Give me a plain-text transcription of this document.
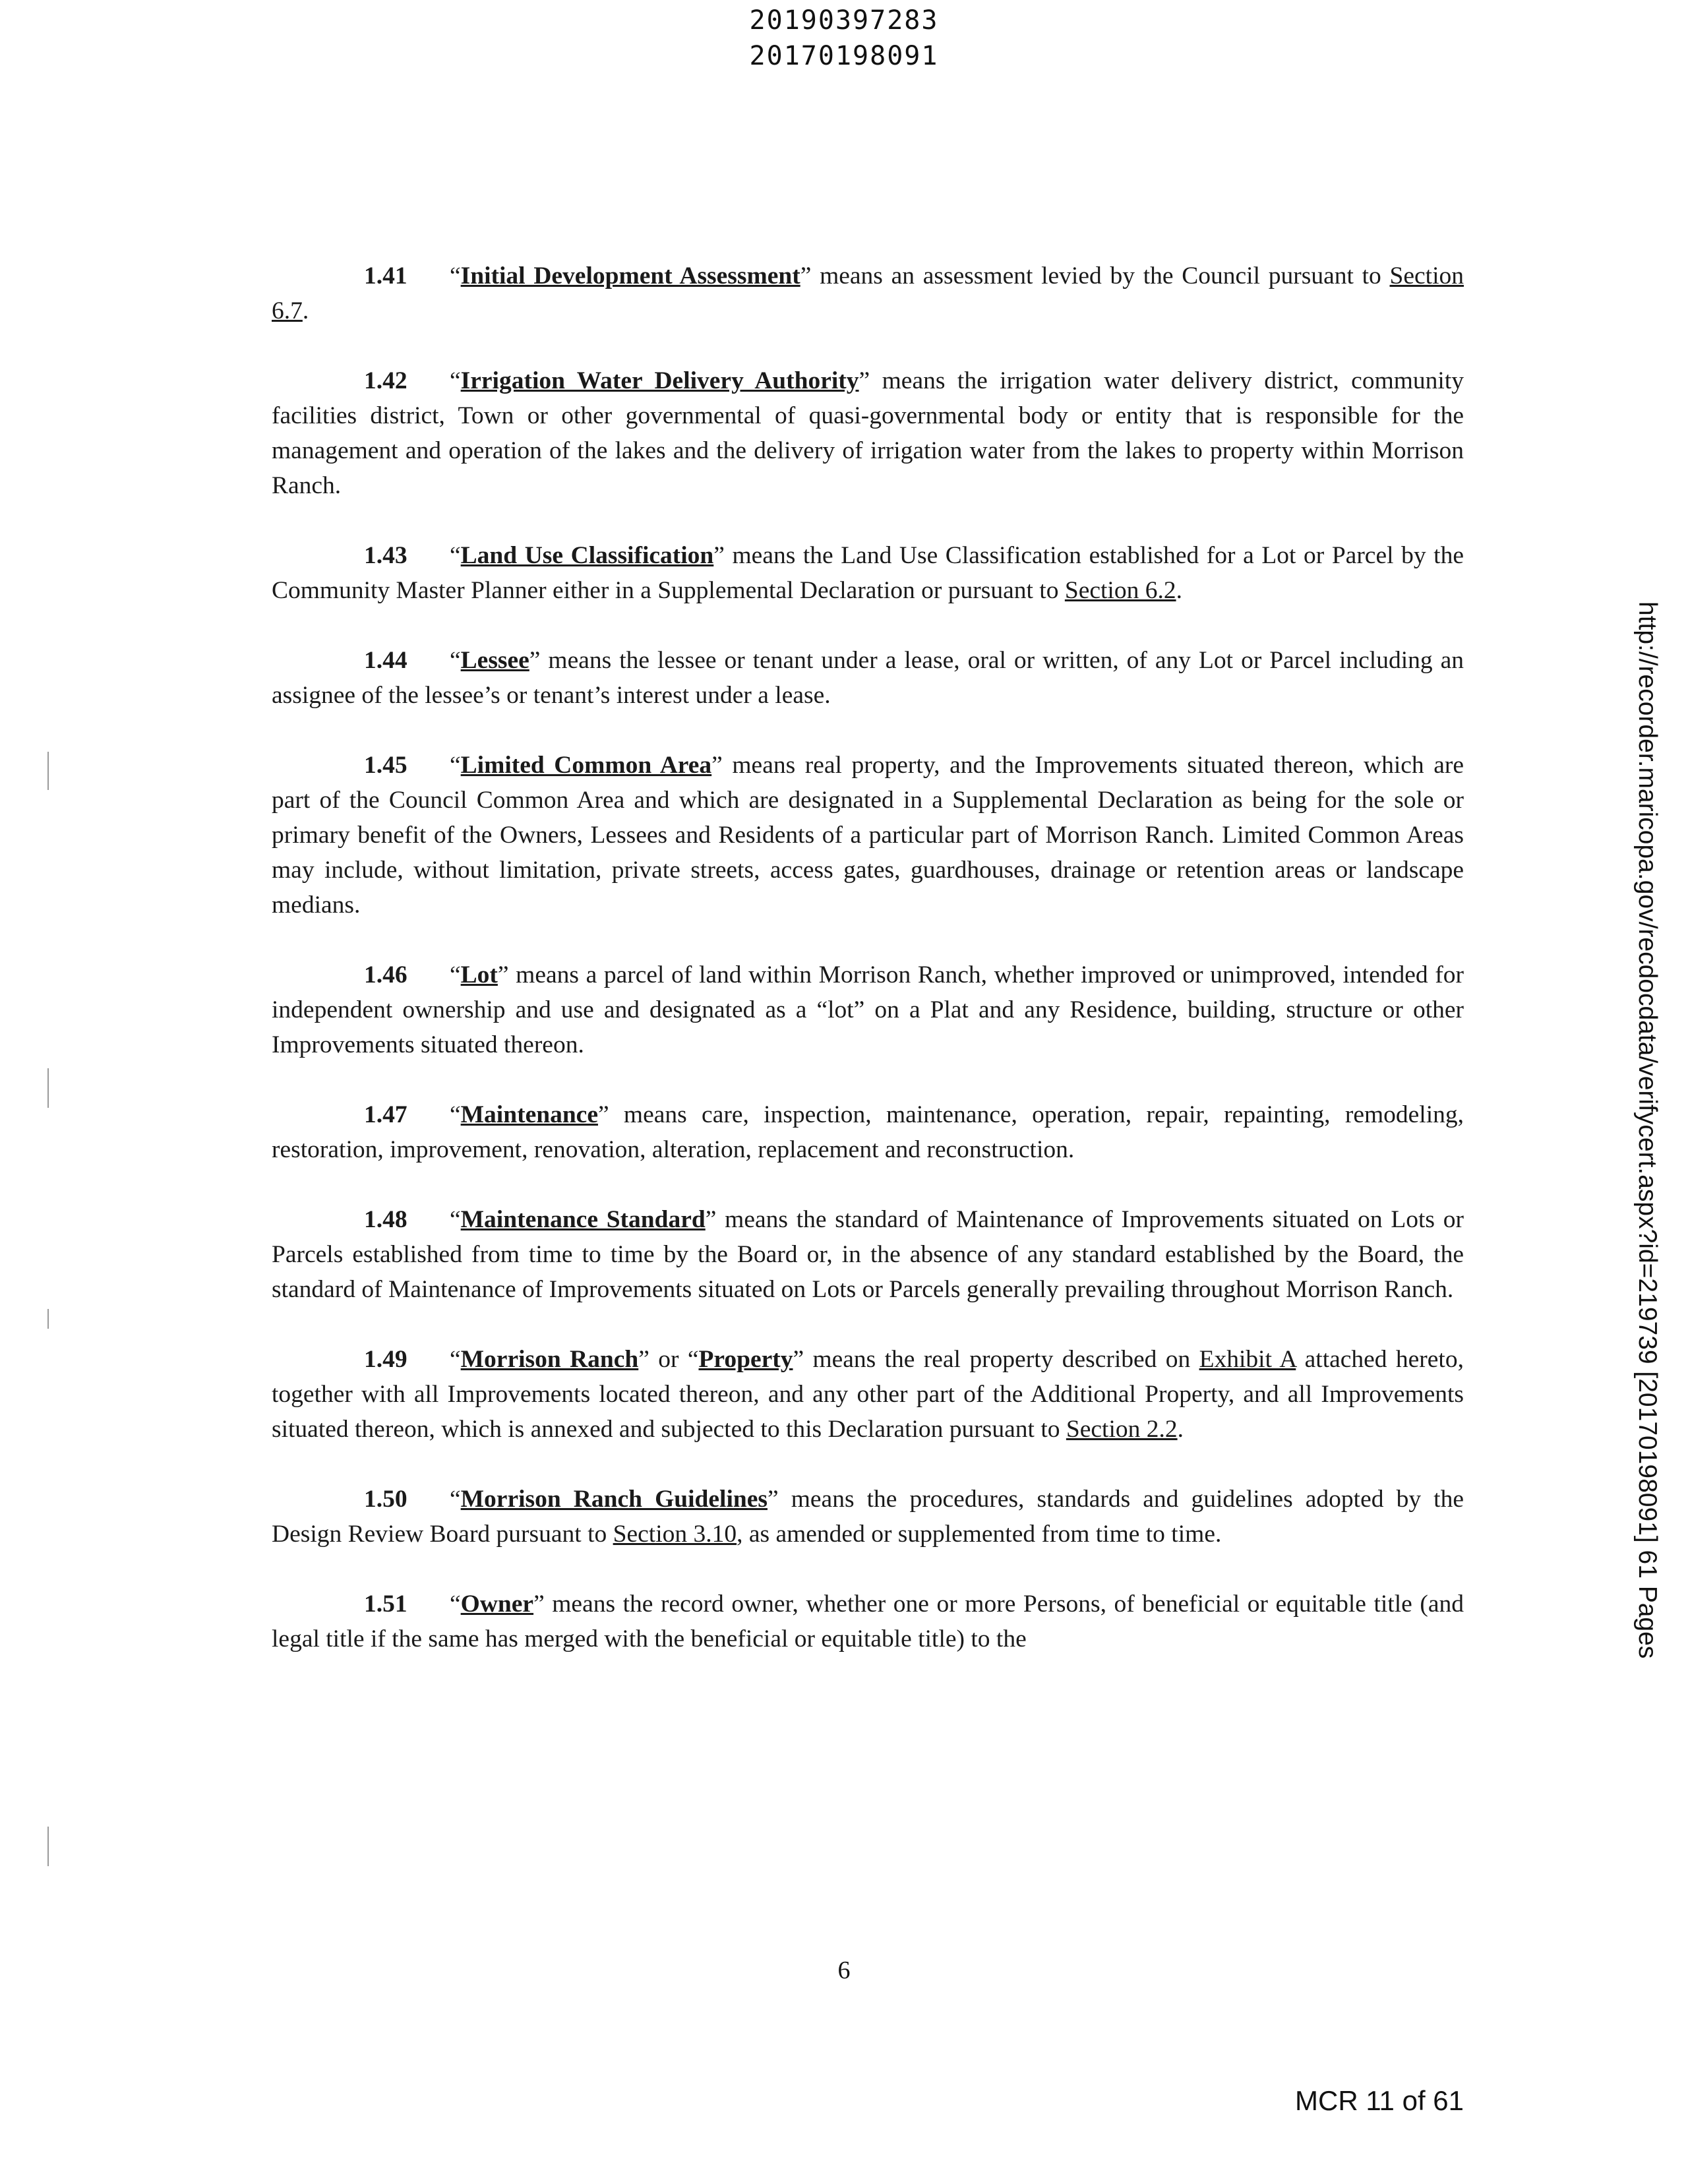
20190397283
20170198091

1.41 “Initial Development Assessment” means an assessment levied by the Council pursuant to Section 6.7.

1.42 “Irrigation Water Delivery Authority” means the irrigation water delivery district, community facilities district, Town or other governmental of quasi-governmental body or entity that is responsible for the management and operation of the lakes and the delivery of irrigation water from the lakes to property within Morrison Ranch.

1.43 “Land Use Classification” means the Land Use Classification established for a Lot or Parcel by the Community Master Planner either in a Supplemental Declaration or pursuant to Section 6.2.

1.44 “Lessee” means the lessee or tenant under a lease, oral or written, of any Lot or Parcel including an assignee of the lessee’s or tenant’s interest under a lease.

1.45 “Limited Common Area” means real property, and the Improvements situated thereon, which are part of the Council Common Area and which are designated in a Supplemental Declaration as being for the sole or primary benefit of the Owners, Lessees and Residents of a particular part of Morrison Ranch. Limited Common Areas may include, without limitation, private streets, access gates, guardhouses, drainage or retention areas or landscape medians.

1.46 “Lot” means a parcel of land within Morrison Ranch, whether improved or unimproved, intended for independent ownership and use and designated as a “lot” on a Plat and any Residence, building, structure or other Improvements situated thereon.

1.47 “Maintenance” means care, inspection, maintenance, operation, repair, repainting, remodeling, restoration, improvement, renovation, alteration, replacement and reconstruction.

1.48 “Maintenance Standard” means the standard of Maintenance of Improvements situated on Lots or Parcels established from time to time by the Board or, in the absence of any standard established by the Board, the standard of Maintenance of Improvements situated on Lots or Parcels generally prevailing throughout Morrison Ranch.

1.49 “Morrison Ranch” or “Property” means the real property described on Exhibit A attached hereto, together with all Improvements located thereon, and any other part of the Additional Property, and all Improvements situated thereon, which is annexed and subjected to this Declaration pursuant to Section 2.2.

1.50 “Morrison Ranch Guidelines” means the procedures, standards and guidelines adopted by the Design Review Board pursuant to Section 3.10, as amended or supplemented from time to time.

1.51 “Owner” means the record owner, whether one or more Persons, of beneficial or equitable title (and legal title if the same has merged with the beneficial or equitable title) to the

6
MCR 11 of 61
http://recorder.maricopa.gov/recdocdata/verifycert.aspx?id=219739 [20170198091] 61 Pages
